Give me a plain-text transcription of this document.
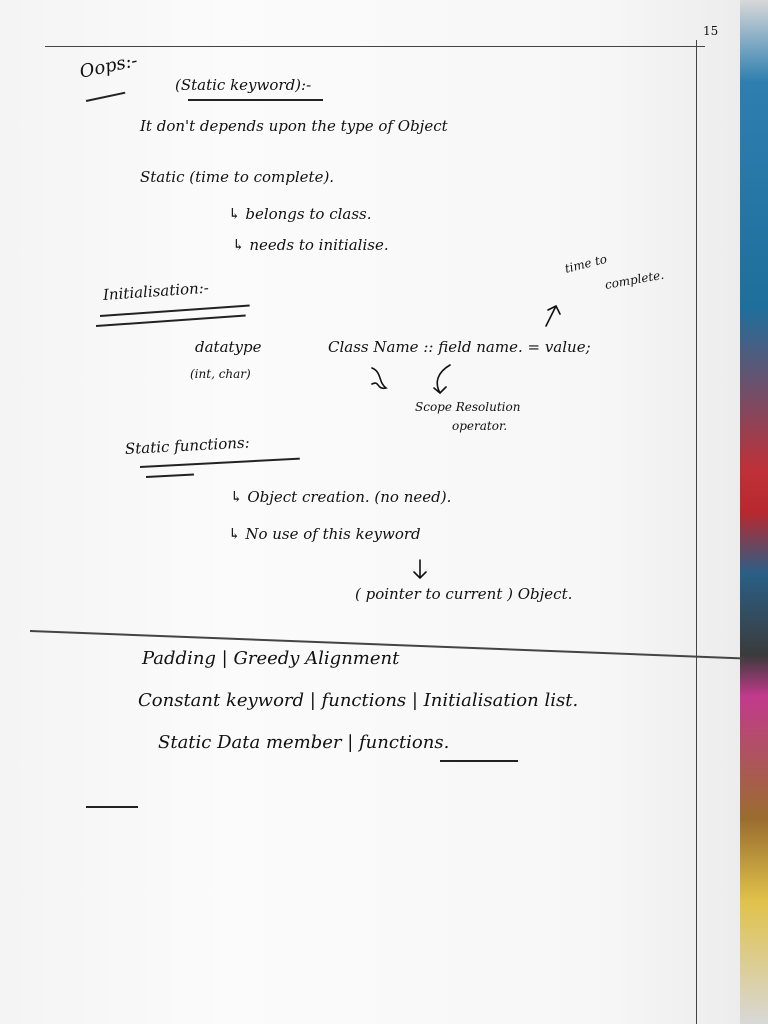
15
Oops:-
(Static keyword):-
It don't depends upon the type of Object
Static (time to complete).
↳ belongs to class.
↳ needs to initialise.
Initialisation:-
time to
complete.
datatype
(int, char)
Class Name :: field name. = value;
Scope Resolution
operator.
Static functions:
↳ Object creation. (no need).
↳ No use of this keyword
( pointer to current ) Object.
Padding | Greedy Alignment
Constant keyword | functions | Initialisation list.
Static Data member | functions.
